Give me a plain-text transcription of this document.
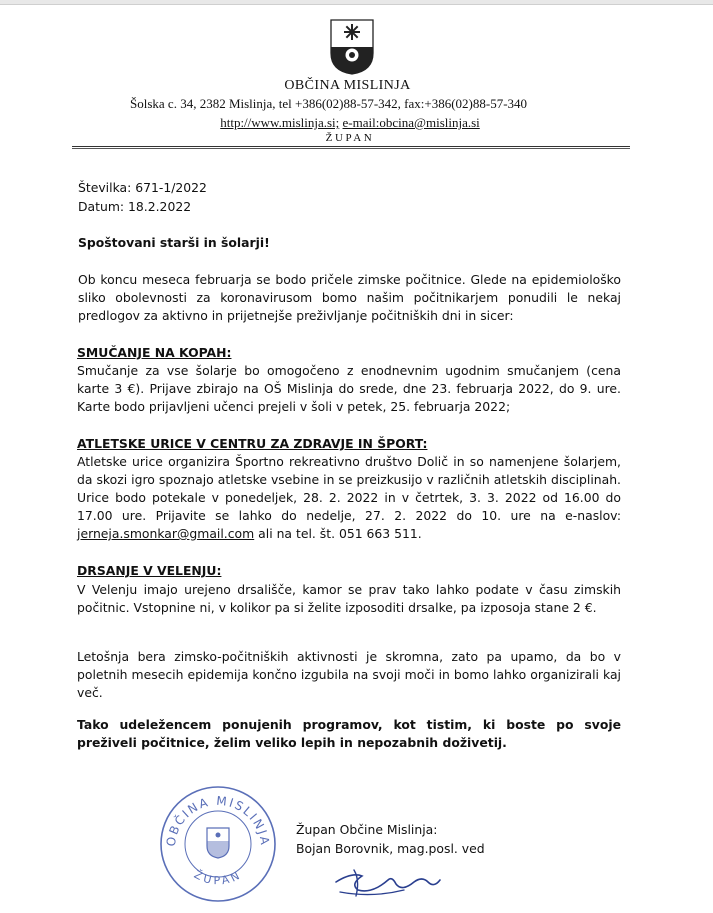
OBČINA MISLINJA
Šolska c. 34, 2382 Mislinja, tel +386(02)88-57-342, fax:+386(02)88-57-340
http://www.mislinja.si; e-mail:obcina@mislinja.si
ŽUPAN
Številka: 671-1/2022
Datum: 18.2.2022
Spoštovani starši in šolarji!
Ob koncu meseca februarja se bodo pričele zimske počitnice. Glede na epidemiološko sliko obolevnosti za koronavirusom bomo našim počitnikarjem ponudili le nekaj predlogov za aktivno in prijetnejše preživljanje počitniških dni in sicer:
SMUČANJE NA KOPAH:
Smučanje za vse šolarje bo omogočeno z enodnevnim ugodnim smučanjem (cena karte 3 €). Prijave zbirajo na OŠ Mislinja do srede, dne 23. februarja 2022, do 9. ure. Karte bodo prijavljeni učenci prejeli v šoli v petek, 25. februarja 2022;
ATLETSKE URICE V CENTRU ZA ZDRAVJE IN ŠPORT:
Atletske urice organizira Športno rekreativno društvo Dolič in so namenjene šolarjem, da skozi igro spoznajo atletske vsebine in se preizkusijo v različnih atletskih disciplinah. Urice bodo potekale v ponedeljek, 28. 2. 2022 in v četrtek, 3. 3. 2022 od 16.00 do 17.00 ure. Prijavite se lahko do nedelje, 27. 2. 2022 do 10. ure na e-naslov: jerneja.smonkar@gmail.com ali na tel. št. 051 663 511.
DRSANJE V VELENJU:
V Velenju imajo urejeno drsališče, kamor se prav tako lahko podate v času zimskih počitnic. Vstopnine ni, v kolikor pa si želite izposoditi drsalke, pa izposoja stane 2 €.
Letošnja bera zimsko-počitniških aktivnosti je skromna, zato pa upamo, da bo v poletnih mesecih epidemija končno izgubila na svoji moči in bomo lahko organizirali kaj več.
Tako udeležencem ponujenih programov, kot tistim, ki boste po svoje preživeli počitnice, želim veliko lepih in nepozabnih doživetij.
Župan Občine Mislinja:
Bojan Borovnik, mag.posl. ved
OBČINA MISLINJA
ŽUPAN
